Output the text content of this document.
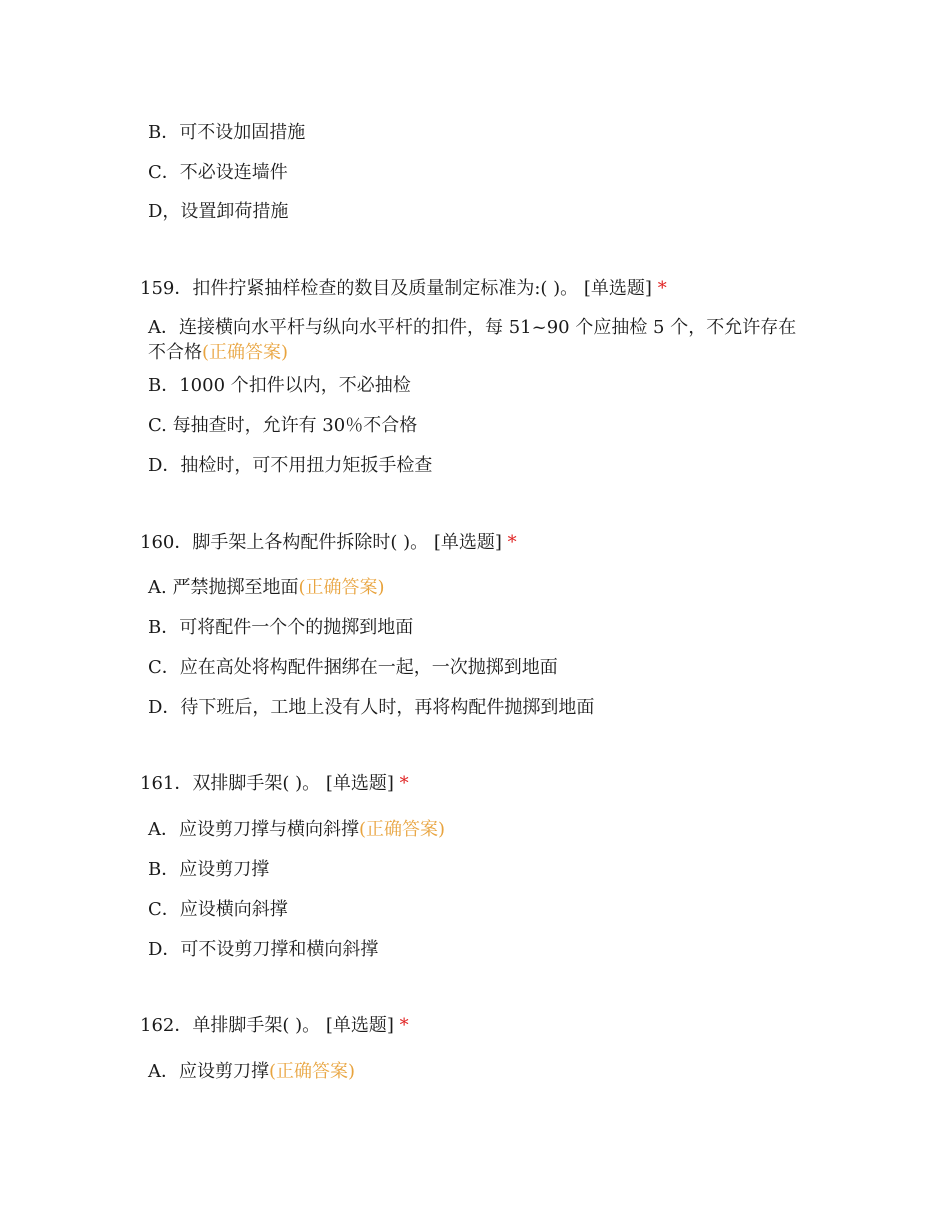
B．可不设加固措施
C．不必设连墙件
D，设置卸荷措施
159．扣件拧紧抽样检查的数目及质量制定标准为:( )。 [单选题] *
A．连接横向水平杆与纵向水平杆的扣件，每 51~90 个应抽检 5 个，不允许存在
不合格(正确答案)
B．1000 个扣件以内，不必抽检
C. 每抽查时，允许有 30％不合格
D．抽检时，可不用扭力矩扳手检查
160．脚手架上各构配件拆除时( )。 [单选题] *
A. 严禁抛掷至地面(正确答案)
B．可将配件一个个的抛掷到地面
C．应在高处将构配件捆绑在一起，一次抛掷到地面
D．待下班后，工地上没有人时，再将构配件抛掷到地面
161．双排脚手架( )。 [单选题] *
A．应设剪刀撑与横向斜撑(正确答案)
B．应设剪刀撑
C．应设横向斜撑
D．可不设剪刀撑和横向斜撑
162．单排脚手架( )。 [单选题] *
A．应设剪刀撑(正确答案)
